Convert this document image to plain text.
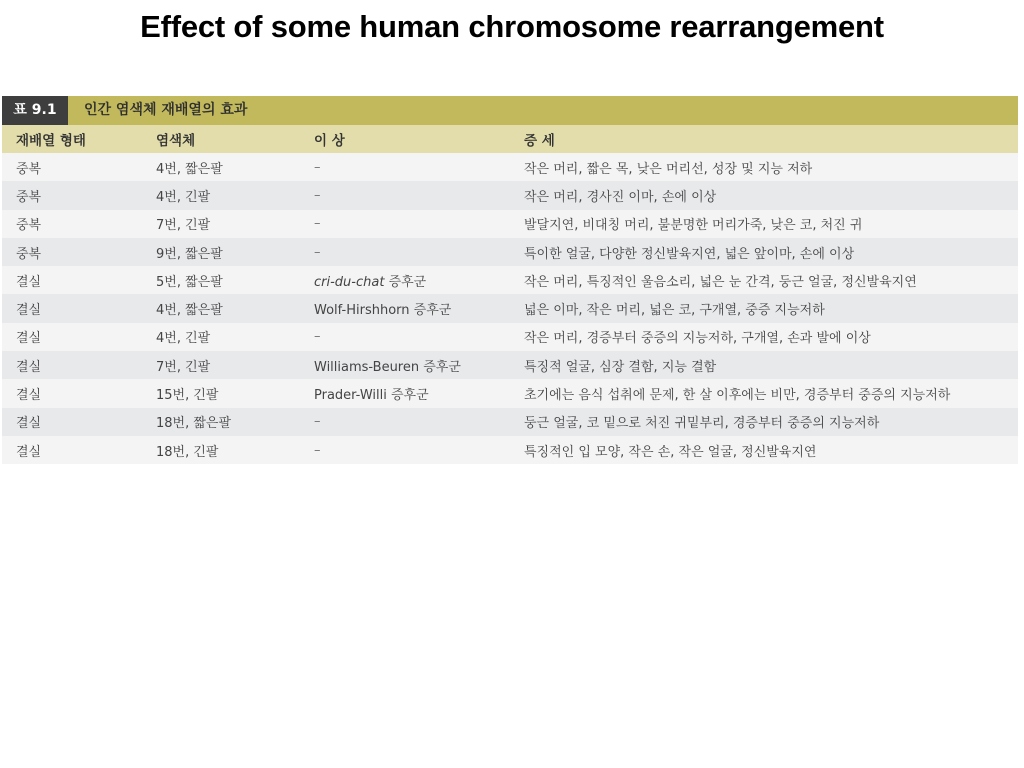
Effect of some human chromosome rearrangement
표 9.1	인간 염색체 재배열의 효과
재배열 형태	염색체	이 상	증 세
중복	4번, 짧은팔	–	작은 머리, 짧은 목, 낮은 머리선, 성장 및 지능 저하
중복	4번, 긴팔	–	작은 머리, 경사진 이마, 손에 이상
중복	7번, 긴팔	–	발달지연, 비대칭 머리, 불분명한 머리가죽, 낮은 코, 처진 귀
중복	9번, 짧은팔	–	특이한 얼굴, 다양한 정신발육지연, 넓은 앞이마, 손에 이상
결실	5번, 짧은팔	cri-du-chat 증후군	작은 머리, 특징적인 울음소리, 넓은 눈 간격, 둥근 얼굴, 정신발육지연
결실	4번, 짧은팔	Wolf-Hirshhorn 증후군	넓은 이마, 작은 머리, 넓은 코, 구개열, 중증 지능저하
결실	4번, 긴팔	–	작은 머리, 경증부터 중증의 지능저하, 구개열, 손과 발에 이상
결실	7번, 긴팔	Williams-Beuren 증후군	특징적 얼굴, 심장 결함, 지능 결함
결실	15번, 긴팔	Prader-Willi 증후군	초기에는 음식 섭취에 문제, 한 살 이후에는 비만, 경증부터 중증의 지능저하
결실	18번, 짧은팔	–	둥근 얼굴, 코 밑으로 처진 귀밑부리, 경증부터 중증의 지능저하
결실	18번, 긴팔	–	특징적인 입 모양, 작은 손, 작은 얼굴, 정신발육지연
